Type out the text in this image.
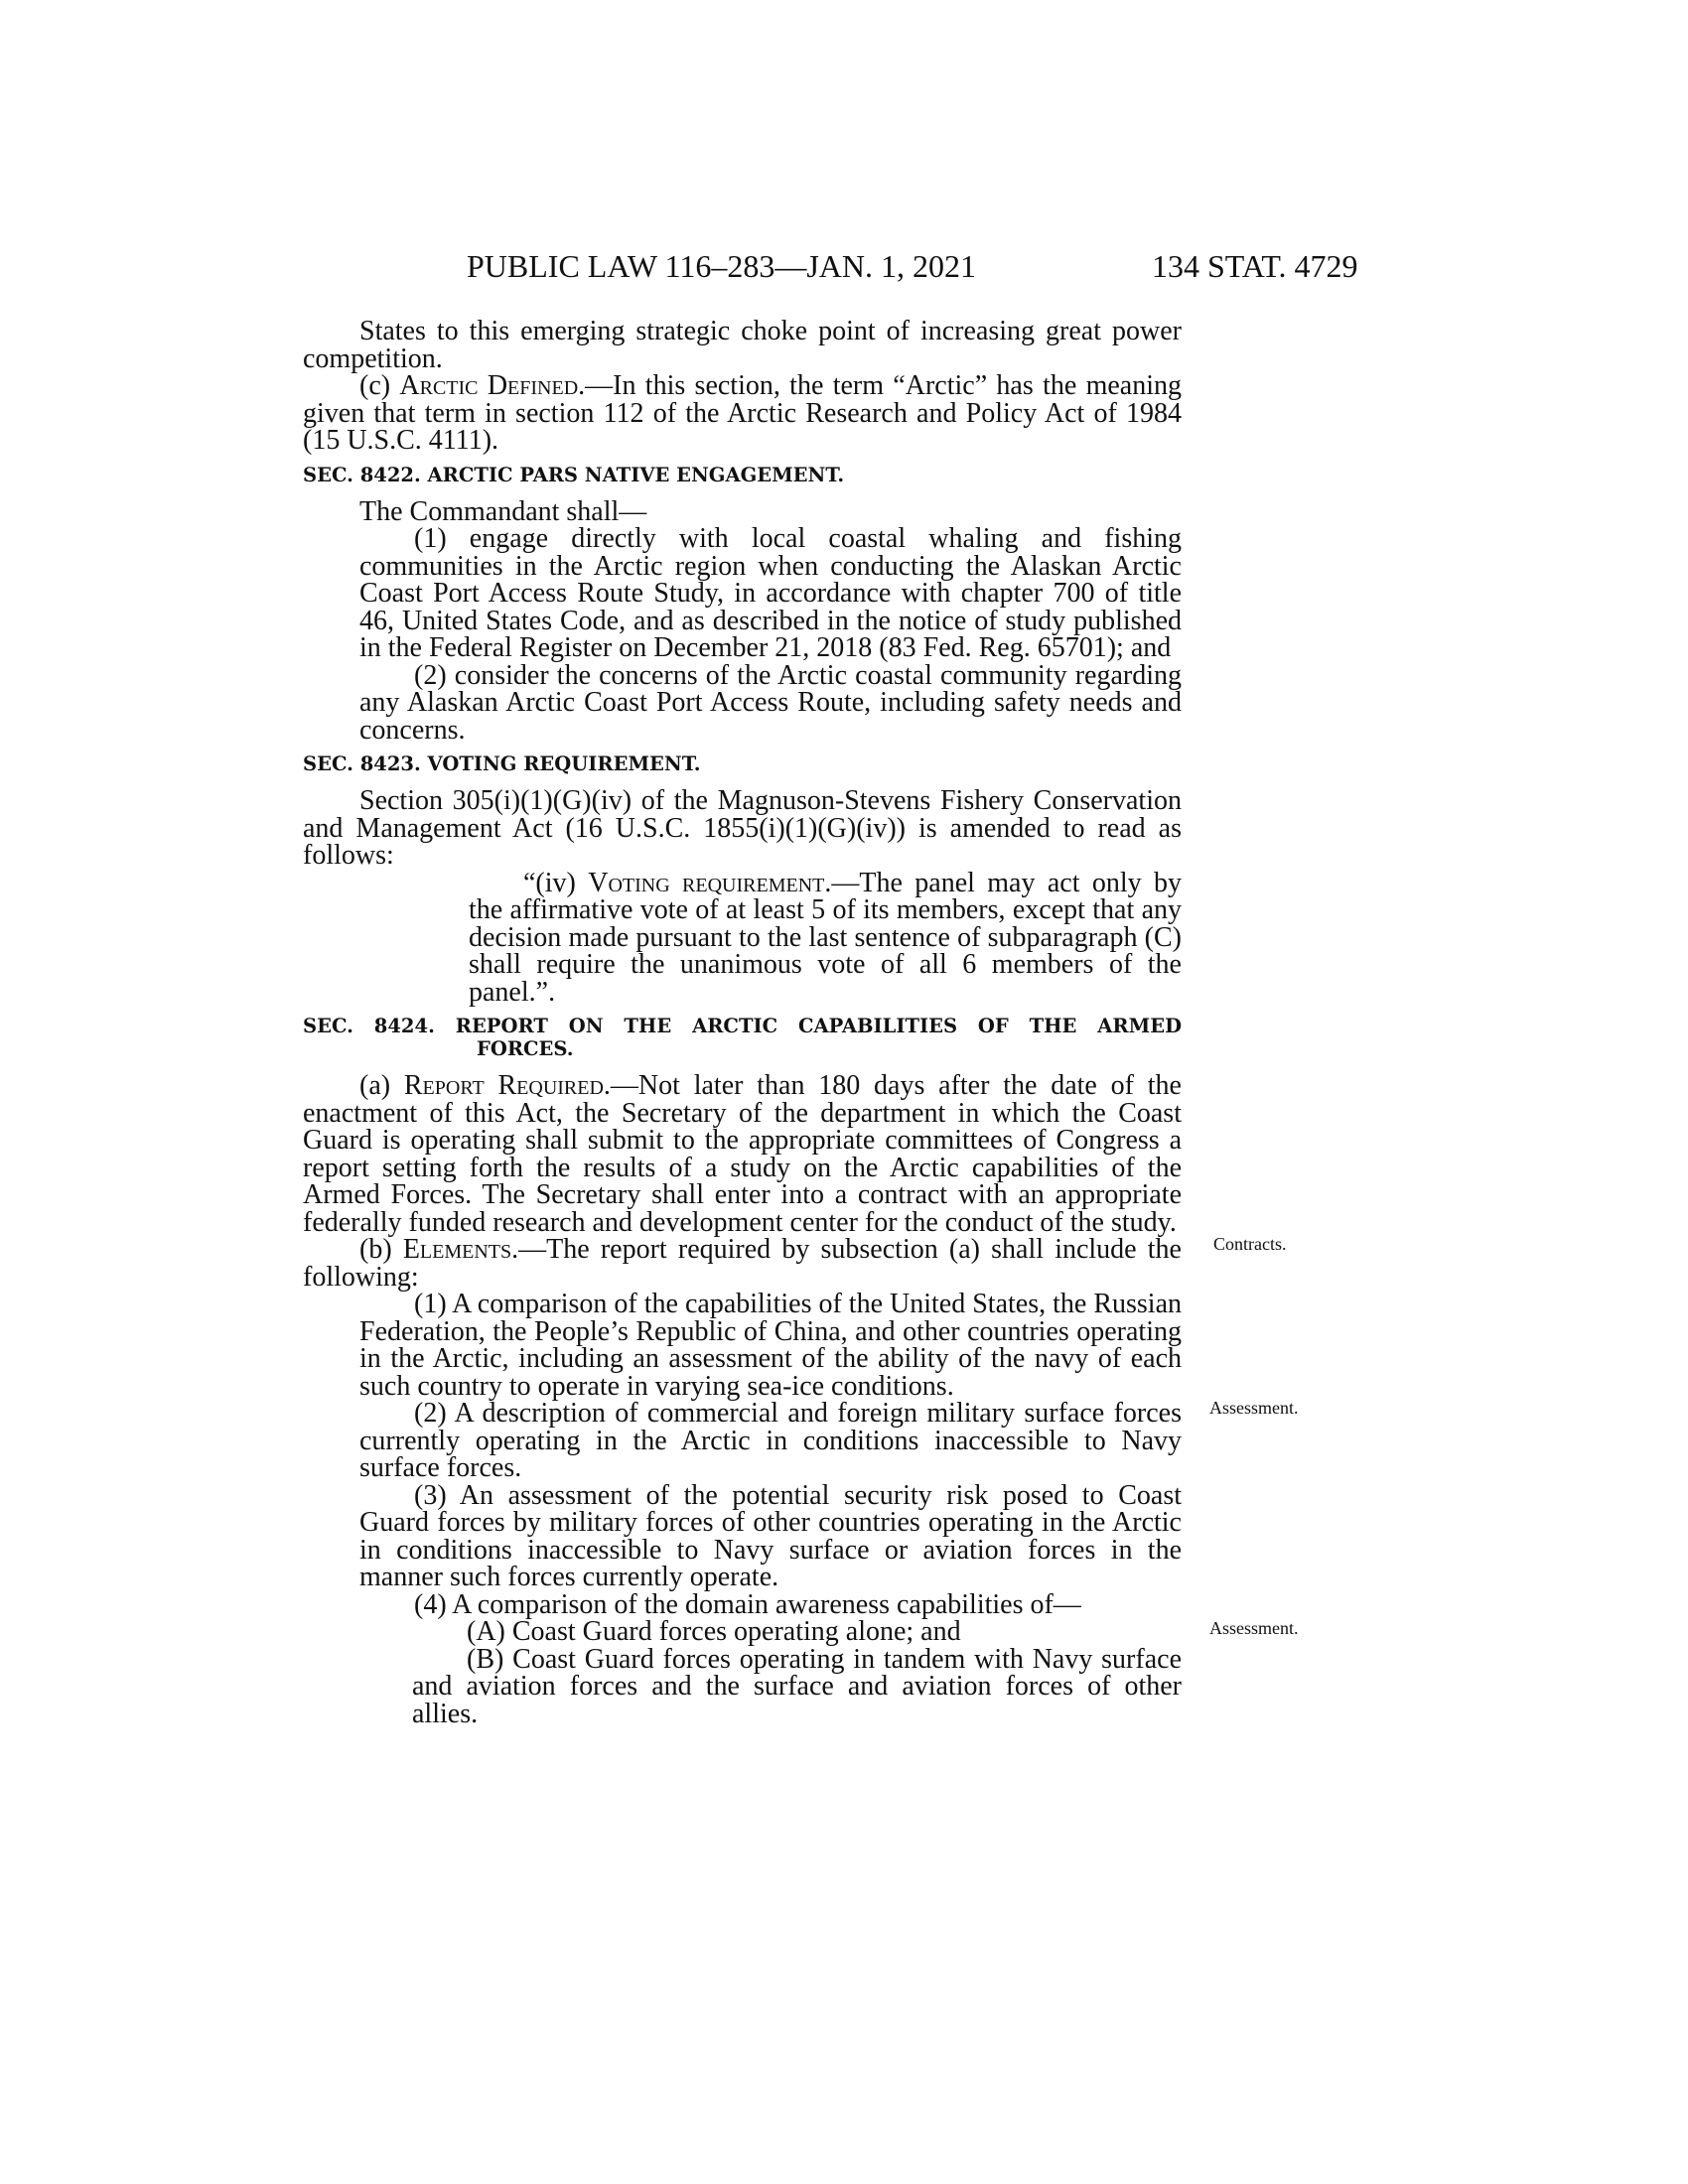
PUBLIC LAW 116–283—JAN. 1, 2021	134 STAT. 4729

States to this emerging strategic choke point of increasing great power competition.

(c) Arctic Defined.—In this section, the term “Arctic” has the meaning given that term in section 112 of the Arctic Research and Policy Act of 1984 (15 U.S.C. 4111).

SEC. 8422. ARCTIC PARS NATIVE ENGAGEMENT.

The Commandant shall—

(1) engage directly with local coastal whaling and fishing communities in the Arctic region when conducting the Alaskan Arctic Coast Port Access Route Study, in accordance with chapter 700 of title 46, United States Code, and as described in the notice of study published in the Federal Register on December 21, 2018 (83 Fed. Reg. 65701); and

(2) consider the concerns of the Arctic coastal community regarding any Alaskan Arctic Coast Port Access Route, including safety needs and concerns.

SEC. 8423. VOTING REQUIREMENT.

Section 305(i)(1)(G)(iv) of the Magnuson-Stevens Fishery Conservation and Management Act (16 U.S.C. 1855(i)(1)(G)(iv)) is amended to read as follows:

“(iv) Voting requirement.—The panel may act only by the affirmative vote of at least 5 of its members, except that any decision made pursuant to the last sentence of subparagraph (C) shall require the unanimous vote of all 6 members of the panel.”.

SEC. 8424. REPORT ON THE ARCTIC CAPABILITIES OF THE ARMED
FORCES.

(a) Report Required.—Not later than 180 days after the date of the enactment of this Act, the Secretary of the department in which the Coast Guard is operating shall submit to the appropriate committees of Congress a report setting forth the results of a study on the Arctic capabilities of the Armed Forces. The Secretary shall enter into a contract with an appropriate federally funded research and development center for the conduct of the study.

(b) Elements.—The report required by subsection (a) shall include the following:

(1) A comparison of the capabilities of the United States, the Russian Federation, the People’s Republic of China, and other countries operating in the Arctic, including an assessment of the ability of the navy of each such country to operate in varying sea-ice conditions.

(2) A description of commercial and foreign military surface forces currently operating in the Arctic in conditions inaccessible to Navy surface forces.

(3) An assessment of the potential security risk posed to Coast Guard forces by military forces of other countries operating in the Arctic in conditions inaccessible to Navy surface or aviation forces in the manner such forces currently operate.

(4) A comparison of the domain awareness capabilities of—

(A) Coast Guard forces operating alone; and

(B) Coast Guard forces operating in tandem with Navy surface and aviation forces and the surface and aviation forces of other allies.

Contracts.
Assessment.
Assessment.
